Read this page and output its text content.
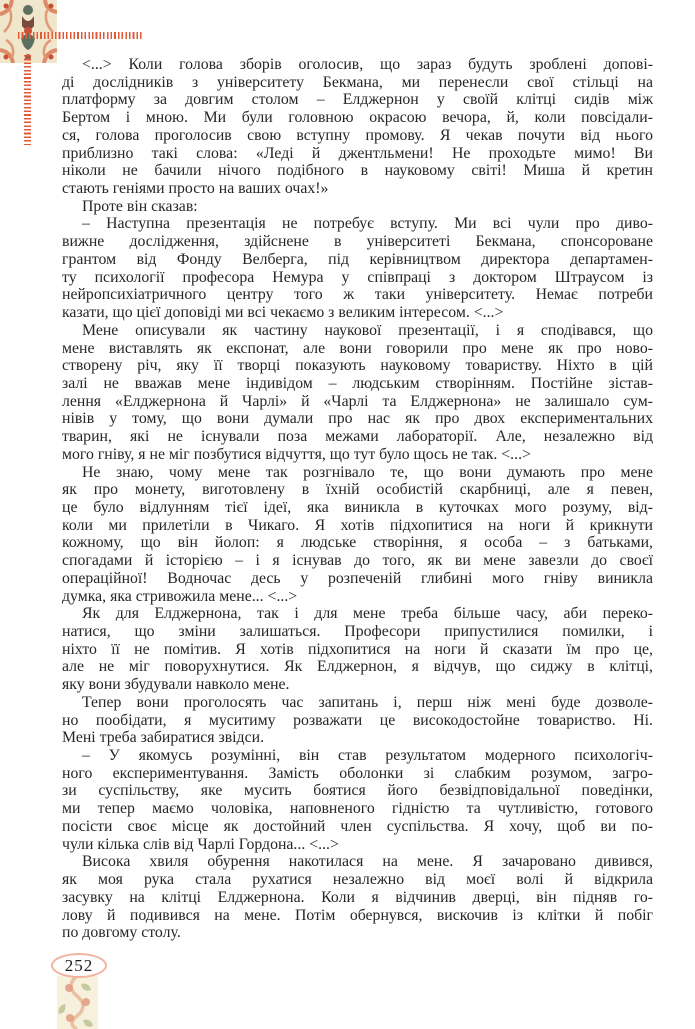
<...> Коли голова зборів оголосив, що зараз будуть зроблені допові-
ді дослідників з університету Бекмана, ми перенесли свої стільці на
платформу за довгим столом – Елджернон у своїй клітці сидів між
Бертом і мною. Ми були головною окрасою вечора, й, коли повсідали-
ся, голова проголосив свою вступну промову. Я чекав почути від нього
приблизно такі слова: «Леді й джентльмени! Не проходьте мимо! Ви
ніколи не бачили нічого подібного в науковому світі! Миша й кретин
стають геніями просто на ваших очах!»

Проте він сказав:

– Наступна презентація не потребує вступу. Ми всі чули про диво-
вижне дослідження, здійснене в університеті Бекмана, спонсороване
грантом від Фонду Велберга, під керівництвом директора департамен-
ту психології професора Немура у співпраці з доктором Штраусом із
нейропсихіатричного центру того ж таки університету. Немає потреби
казати, що цієї доповіді ми всі чекаємо з великим інтересом. <...>

Мене описували як частину наукової презентації, і я сподівався, що
мене виставлять як експонат, але вони говорили про мене як про ново-
створену річ, яку її творці показують науковому товариству. Ніхто в цій
залі не вважав мене індивідом – людським створінням. Постійне зістав-
лення «Елджернона й Чарлі» й «Чарлі та Елджернона» не залишало сум-
нівів у тому, що вони думали про нас як про двох експериментальних
тварин, які не існували поза межами лабораторії. Але, незалежно від
мого гніву, я не міг позбутися відчуття, що тут було щось не так. <...>

Не знаю, чому мене так розгнівало те, що вони думають про мене
як про монету, виготовлену в їхній особистій скарбниці, але я певен,
це було відлунням тієї ідеї, яка виникла в куточках мого розуму, від-
коли ми прилетіли в Чикаго. Я хотів підхопитися на ноги й крикнути
кожному, що він йолоп: я людське створіння, я особа – з батьками,
спогадами й історією – і я існував до того, як ви мене завезли до своєї
операційної! Водночас десь у розпеченій глибині мого гніву виникла
думка, яка стривожила мене... <...>

Як для Елджернона, так і для мене треба більше часу, аби переко-
натися, що зміни залишаться. Професори припустилися помилки, і
ніхто її не помітив. Я хотів підхопитися на ноги й сказати їм про це,
але не міг поворухнутися. Як Елджернон, я відчув, що сиджу в клітці,
яку вони збудували навколо мене.

Тепер вони проголосять час запитань і, перш ніж мені буде дозволе-
но пообідати, я муситиму розважати це високодостойне товариство. Ні.
Мені треба забиратися звідси.

– У якомусь розумінні, він став результатом модерного психологіч-
ного експериментування. Замість оболонки зі слабким розумом, загро-
зи суспільству, яке мусить боятися його безвідповідальної поведінки,
ми тепер маємо чоловіка, наповненого гідністю та чутливістю, готового
посісти своє місце як достойний член суспільства. Я хочу, щоб ви по-
чули кілька слів від Чарлі Гордона... <...>

Висока хвиля обурення накотилася на мене. Я зачаровано дивився,
як моя рука стала рухатися незалежно від моєї волі й відкрила
засувку на клітці Елджернона. Коли я відчинив дверці, він підняв го-
лову й подивився на мене. Потім обернувся, вискочив із клітки й побіг
по довгому столу.

252
